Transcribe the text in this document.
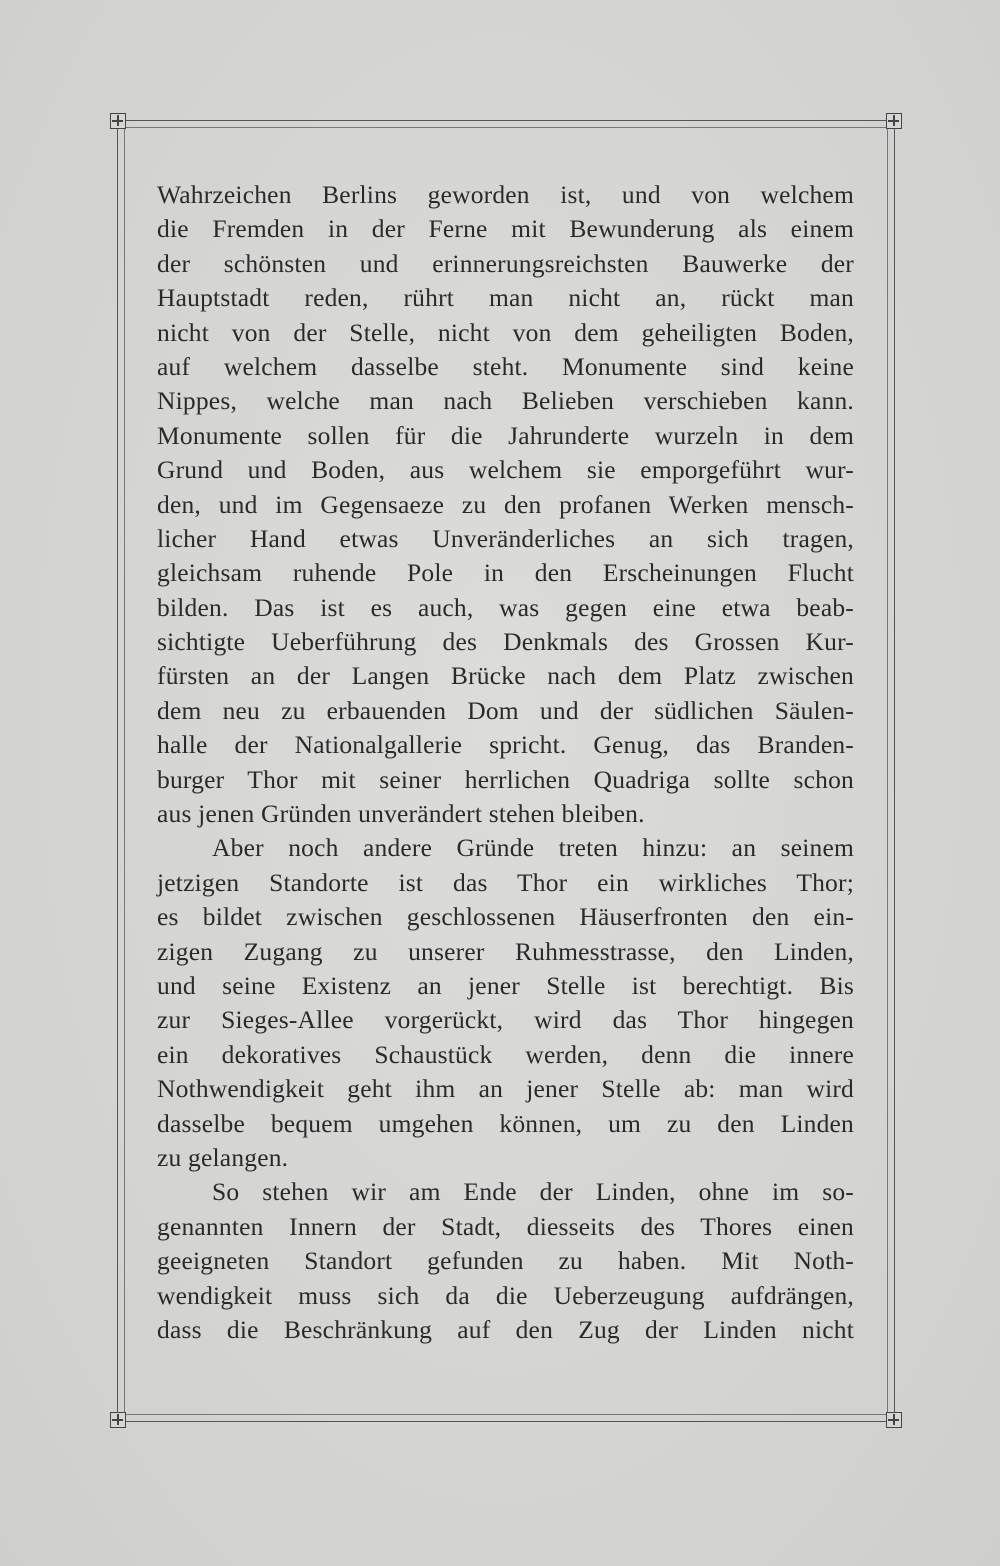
Wahrzeichen Berlins geworden ist, und von welchem
die Fremden in der Ferne mit Bewunderung als einem
der schönsten und erinnerungsreichsten Bauwerke der
Hauptstadt reden, rührt man nicht an, rückt man
nicht von der Stelle, nicht von dem geheiligten Boden,
auf welchem dasselbe steht. Monumente sind keine
Nippes, welche man nach Belieben verschieben kann.
Monumente sollen für die Jahrunderte wurzeln in dem
Grund und Boden, aus welchem sie emporgeführt wur-
den, und im Gegensaeze zu den profanen Werken mensch-
licher Hand etwas Unveränderliches an sich tragen,
gleichsam ruhende Pole in den Erscheinungen Flucht
bilden. Das ist es auch, was gegen eine etwa beab-
sichtigte Ueberführung des Denkmals des Grossen Kur-
fürsten an der Langen Brücke nach dem Platz zwischen
dem neu zu erbauenden Dom und der südlichen Säulen-
halle der Nationalgallerie spricht. Genug, das Branden-
burger Thor mit seiner herrlichen Quadriga sollte schon
aus jenen Gründen unverändert stehen bleiben.
Aber noch andere Gründe treten hinzu: an seinem
jetzigen Standorte ist das Thor ein wirkliches Thor;
es bildet zwischen geschlossenen Häuserfronten den ein-
zigen Zugang zu unserer Ruhmesstrasse, den Linden,
und seine Existenz an jener Stelle ist berechtigt. Bis
zur Sieges-Allee vorgerückt, wird das Thor hingegen
ein dekoratives Schaustück werden, denn die innere
Nothwendigkeit geht ihm an jener Stelle ab: man wird
dasselbe bequem umgehen können, um zu den Linden
zu gelangen.
So stehen wir am Ende der Linden, ohne im so-
genannten Innern der Stadt, diesseits des Thores einen
geeigneten Standort gefunden zu haben. Mit Noth-
wendigkeit muss sich da die Ueberzeugung aufdrängen,
dass die Beschränkung auf den Zug der Linden nicht
